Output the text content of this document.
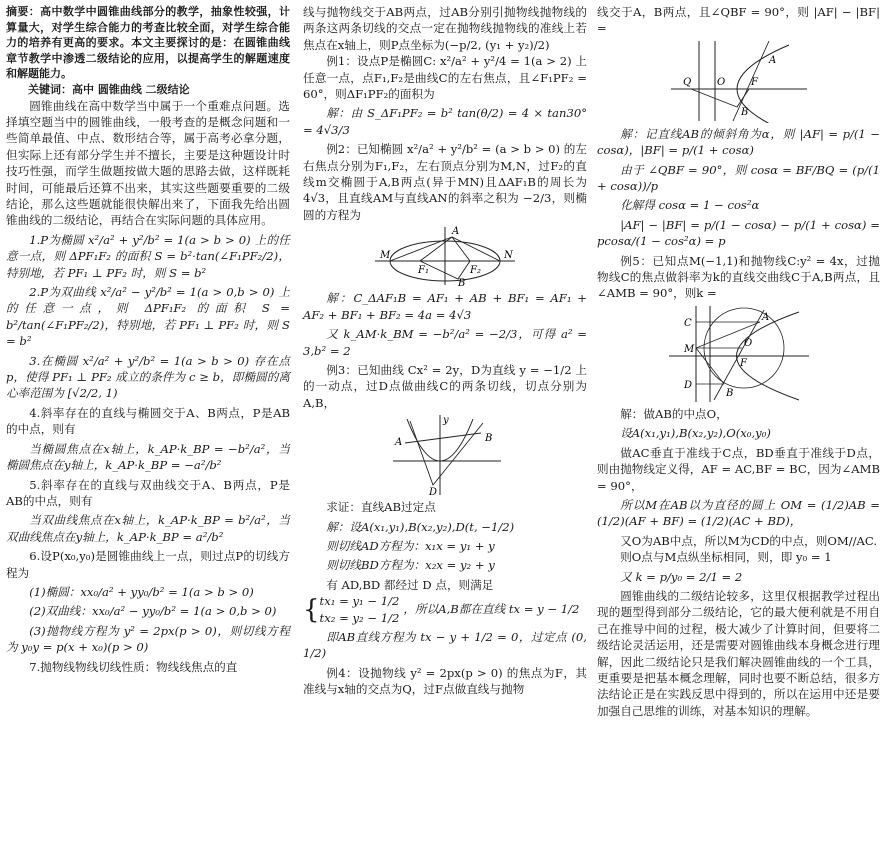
摘要：高中数学中圆锥曲线部分的教学，抽象性较强，计算量大，对学生综合能力的考查比较全面，对学生综合能力的培养有更高的要求。本文主要探讨的是：在圆锥曲线章节教学中渗透二级结论的应用，以提高学生的解题速度和解题能力。

关键词：高中 圆锥曲线 二级结论

圆锥曲线在高中数学当中属于一个重难点问题。选择填空题当中的圆锥曲线，一般考查的是概念问题和一些简单最值、中点、数形结合等，属于高考必拿分题，但实际上还有部分学生并不擅长，主要是这种题设计时技巧性强，而学生做题按做大题的思路去做，这样既耗时间，可能最后还算不出来，其实这些题要重要的二级结论，那么这些题就能很快解出来了，下面我先给出圆锥曲线的二级结论，再结合在实际问题的具体应用。

1.P为椭圆 x²/a² + y²/b² = 1(a > b > 0) 上的任意一点，则 ΔPF₁F₂ 的面积 S = b²·tan(∠F₁PF₂/2)，特别地，若 PF₁ ⊥ PF₂ 时，则 S = b²

2.P为双曲线 x²/a² − y²/b² = 1(a > 0,b > 0) 上的任意一点，则 ΔPF₁F₂ 的面积 S = b²/tan(∠F₁PF₂/2)，特别地，若 PF₁ ⊥ PF₂ 时，则 S = b²

3.在椭圆 x²/a² + y²/b² = 1(a > b > 0) 存在点p，使得 PF₁ ⊥ PF₂ 成立的条件为 c ≥ b，即椭圆的离心率范围为 [√2/2, 1)

4.斜率存在的直线与椭圆交于A、B两点，P是AB的中点，则有

当椭圆焦点在x轴上，k_AP·k_BP = −b²/a²，当椭圆焦点在y轴上，k_AP·k_BP = −a²/b²

5.斜率存在的直线与双曲线交于A、B两点，P是AB的中点，则有

当双曲线焦点在x轴上，k_AP·k_BP = b²/a²，当双曲线焦点在y轴上，k_AP·k_BP = a²/b²

6.设P(x₀,y₀)是圆锥曲线上一点，则过点P的切线方程为

(1)椭圆：xx₀/a² + yy₀/b² = 1(a > b > 0)

(2)双曲线：xx₀/a² − yy₀/b² = 1(a > 0,b > 0)

(3)抛物线方程为 y² = 2px(p > 0)，则切线方程为 y₀y = p(x + x₀)(p > 0)

7.抛物线物线切线性质：物线线焦点的直

线与抛物线交于AB两点，过AB分别引抛物线抛物线的两条这两条切线的交点一定在抛物线抛物线的准线上若焦点在x轴上，则P点坐标为(−p/2, (y₁ + y₂)/2)

例1：设点P是椭圆C: x²/a² + y²/4 = 1(a > 2) 上任意一点，点F₁,F₂是曲线C的左右焦点，且∠F₁PF₂ = 60°，则ΔF₁PF₂的面积为

解：由 S_ΔF₁PF₂ = b² tan(θ/2) = 4 × tan30° = 4√3/3

例2：已知椭圆 x²/a² + y²/b² = (a > b > 0) 的左右焦点分别为F₁,F₂，左右顶点分别为M,N，过F₂的直线m交椭圆于A,B两点(异于MN)且ΔAF₁B的周长为4√3，且直线AM与直线AN的斜率之积为 −2/3，则椭圆的方程为

M
A
N
F₁	F₂
B

解：C_ΔAF₁B = AF₁ + AB + BF₁ = AF₁ + AF₂ + BF₁ + BF₂ = 4a = 4√3

又 k_AM·k_BM = −b²/a² = −2/3，可得 a² = 3,b² = 2

例3：已知曲线 Cx² = 2y，D为直线 y = −1/2 上的一动点，过D点做曲线C的两条切线，切点分别为A,B，

A	B
D
y

求证：直线AB过定点

解：设A(x₁,y₁),B(x₂,y₂),D(t, −1/2)

则切线AD方程为：x₁x = y₁ + y

则切线BD方程为：x₂x = y₂ + y

有 AD,BD 都经过 D 点，则满足

{ tx₁ = y₁ − 1/2
tx₂ = y₂ − 1/2
，所以A,B都在直线 tx = y − 1/2

即AB直线方程为 tx − y + 1/2 = 0，过定点 (0, 1/2)

例4：设抛物线 y² = 2px(p > 0) 的焦点为F，其准线与x轴的交点为Q，过F点做直线与抛物

线交于A，B两点，且∠QBF = 90°，则 |AF| − |BF| =

Q	O	F
A
B

解：记直线AB的倾斜角为α，则 |AF| = p/(1 − cosα)，|BF| = p/(1 + cosα)

由于 ∠QBF = 90°，则 cosα = BF/BQ = (p/(1 + cosα))/p

化解得 cosα = 1 − cos²α

|AF| − |BF| = p/(1 − cosα) − p/(1 + cosα) = pcosα/(1 − cos²α) = p

例5：已知点M(−1,1)和抛物线C:y² = 4x，过抛物线C的焦点做斜率为k的直线交曲线C于A,B两点，且∠AMB = 90°，则k =

C
M
D
A
O
F
B

解：做AB的中点O，

设A(x₁,y₁),B(x₂,y₂),O(x₀,y₀)

做AC垂直于准线于C点，BD垂直于准线于D点，则由抛物线定义得，AF = AC,BF = BC，因为∠AMB = 90°，

所以M在AB以为直径的圆上 OM = (1/2)AB = (1/2)(AF + BF) = (1/2)(AC + BD)，

又O为AB中点，所以M为CD的中点，则OM//AC.

则O点与M点纵坐标相同，则，即 y₀ = 1

又 k = p/y₀ = 2/1 = 2

圆锥曲线的二级结论较多，这里仅根据教学过程出现的题型得到部分二级结论，它的最大便利就是不用自己在推导中间的过程，极大减少了计算时间，但要将二级结论灵活运用，还是需要对圆锥曲线本身概念进行理解，因此二级结论只是我们解决圆锥曲线的一个工具，更重要是把基本概念理解，同时也要不断总结，很多方法结论正是在实践反思中得到的，所以在运用中还是要加强自己思维的训练，对基本知识的理解。
